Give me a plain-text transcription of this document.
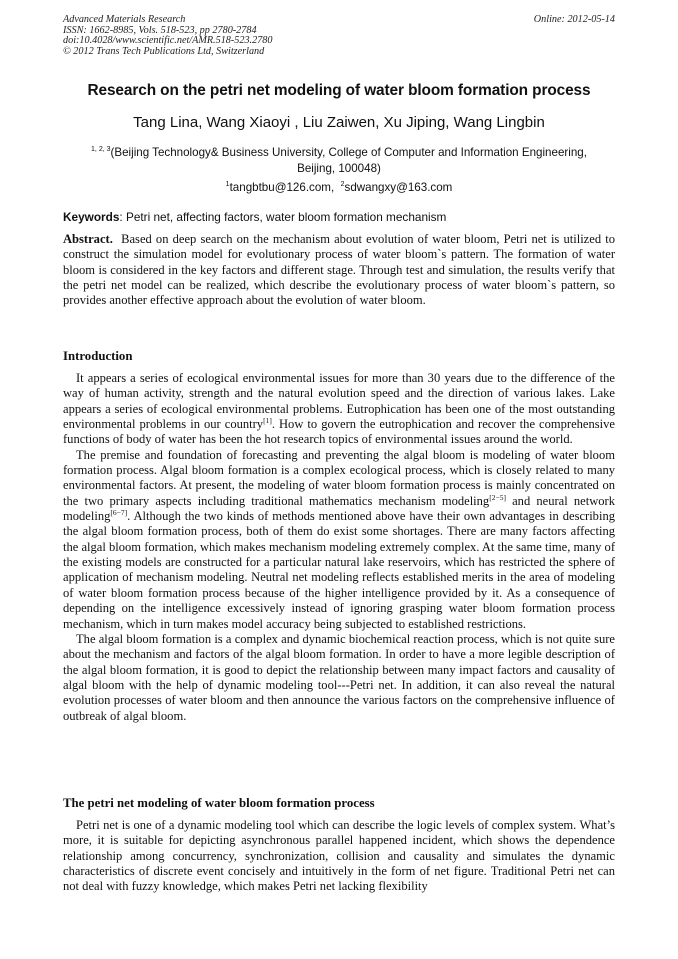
Advanced Materials Research
ISSN: 1662-8985, Vols. 518-523, pp 2780-2784
doi:10.4028/www.scientific.net/AMR.518-523.2780
© 2012 Trans Tech Publications Ltd, Switzerland
Online: 2012-05-14
Research on the petri net modeling of water bloom formation process
Tang Lina, Wang Xiaoyi , Liu Zaiwen, Xu Jiping, Wang Lingbin
$^{1, 2, 3}$(Beijing Technology& Business University, College of Computer and Information Engineering,
Beijing, 100048)
$^1$tangbtbu@126.com, $^2$sdwangxy@163.com
Keywords: Petri net, affecting factors, water bloom formation mechanism

Abstract.  Based on deep search on the mechanism about evolution of water bloom, Petri net is utilized to construct the simulation model for evolutionary process of water bloom`s pattern. The formation of water bloom is considered in the key factors and different stage. Through test and simulation, the results verify that the petri net model can be realized, which describe the evolutionary process of water bloom`s pattern, so provides another effective approach about the evolution of water bloom.

Introduction

It appears a series of ecological environmental issues for more than 30 years due to the difference of the way of human activity, strength and the natural evolution speed and the direction of various lakes. Lake appears a series of ecological environmental problems. Eutrophication has been one of the most outstanding environmental problems in our country[1]. How to govern the eutrophication and recover the comprehensive functions of body of water has been the hot research topics of environmental issues around the world.

The premise and foundation of forecasting and preventing the algal bloom is modeling of water bloom formation process. Algal bloom formation is a complex ecological process, which is closely related to many environmental factors. At present, the modeling of water bloom formation process is mainly concentrated on the two primary aspects including traditional mathematics mechanism modeling[2−5] and neural network modeling[6−7]. Although the two kinds of methods mentioned above have their own advantages in describing the algal bloom formation process, both of them do exist some shortages. There are many factors affecting the algal bloom formation, which makes mechanism modeling extremely complex. At the same time, many of the existing models are constructed for a particular natural lake reservoirs, which has restricted the sphere of application of mechanism modeling. Neutral net modeling reflects established merits in the area of modeling of water bloom formation process because of the higher intelligence provided by it. As a consequence of depending on the intelligence excessively instead of ignoring grasping water bloom formation process mechanism, which in turn makes model accuracy being subjected to established restrictions.

The algal bloom formation is a complex and dynamic biochemical reaction process, which is not quite sure about the mechanism and factors of the algal bloom formation. In order to have a more legible description of the algal bloom formation, it is good to depict the relationship between many impact factors and causality of algal bloom with the help of dynamic modeling tool---Petri net. In addition, it can also reveal the natural evolution processes of water bloom and then announce the various factors on the comprehensive influence of outbreak of algal bloom.

The petri net modeling of water bloom formation process

Petri net is one of a dynamic modeling tool which can describe the logic levels of complex system. What’s more, it is suitable for depicting asynchronous parallel happened incident, which shows the dependence relationship among concurrency, synchronization, collision and causality and simulates the dynamic characteristics of discrete event concisely and intuitively in the form of net figure. Traditional Petri net can not deal with fuzzy knowledge, which makes Petri net lacking flexibility
